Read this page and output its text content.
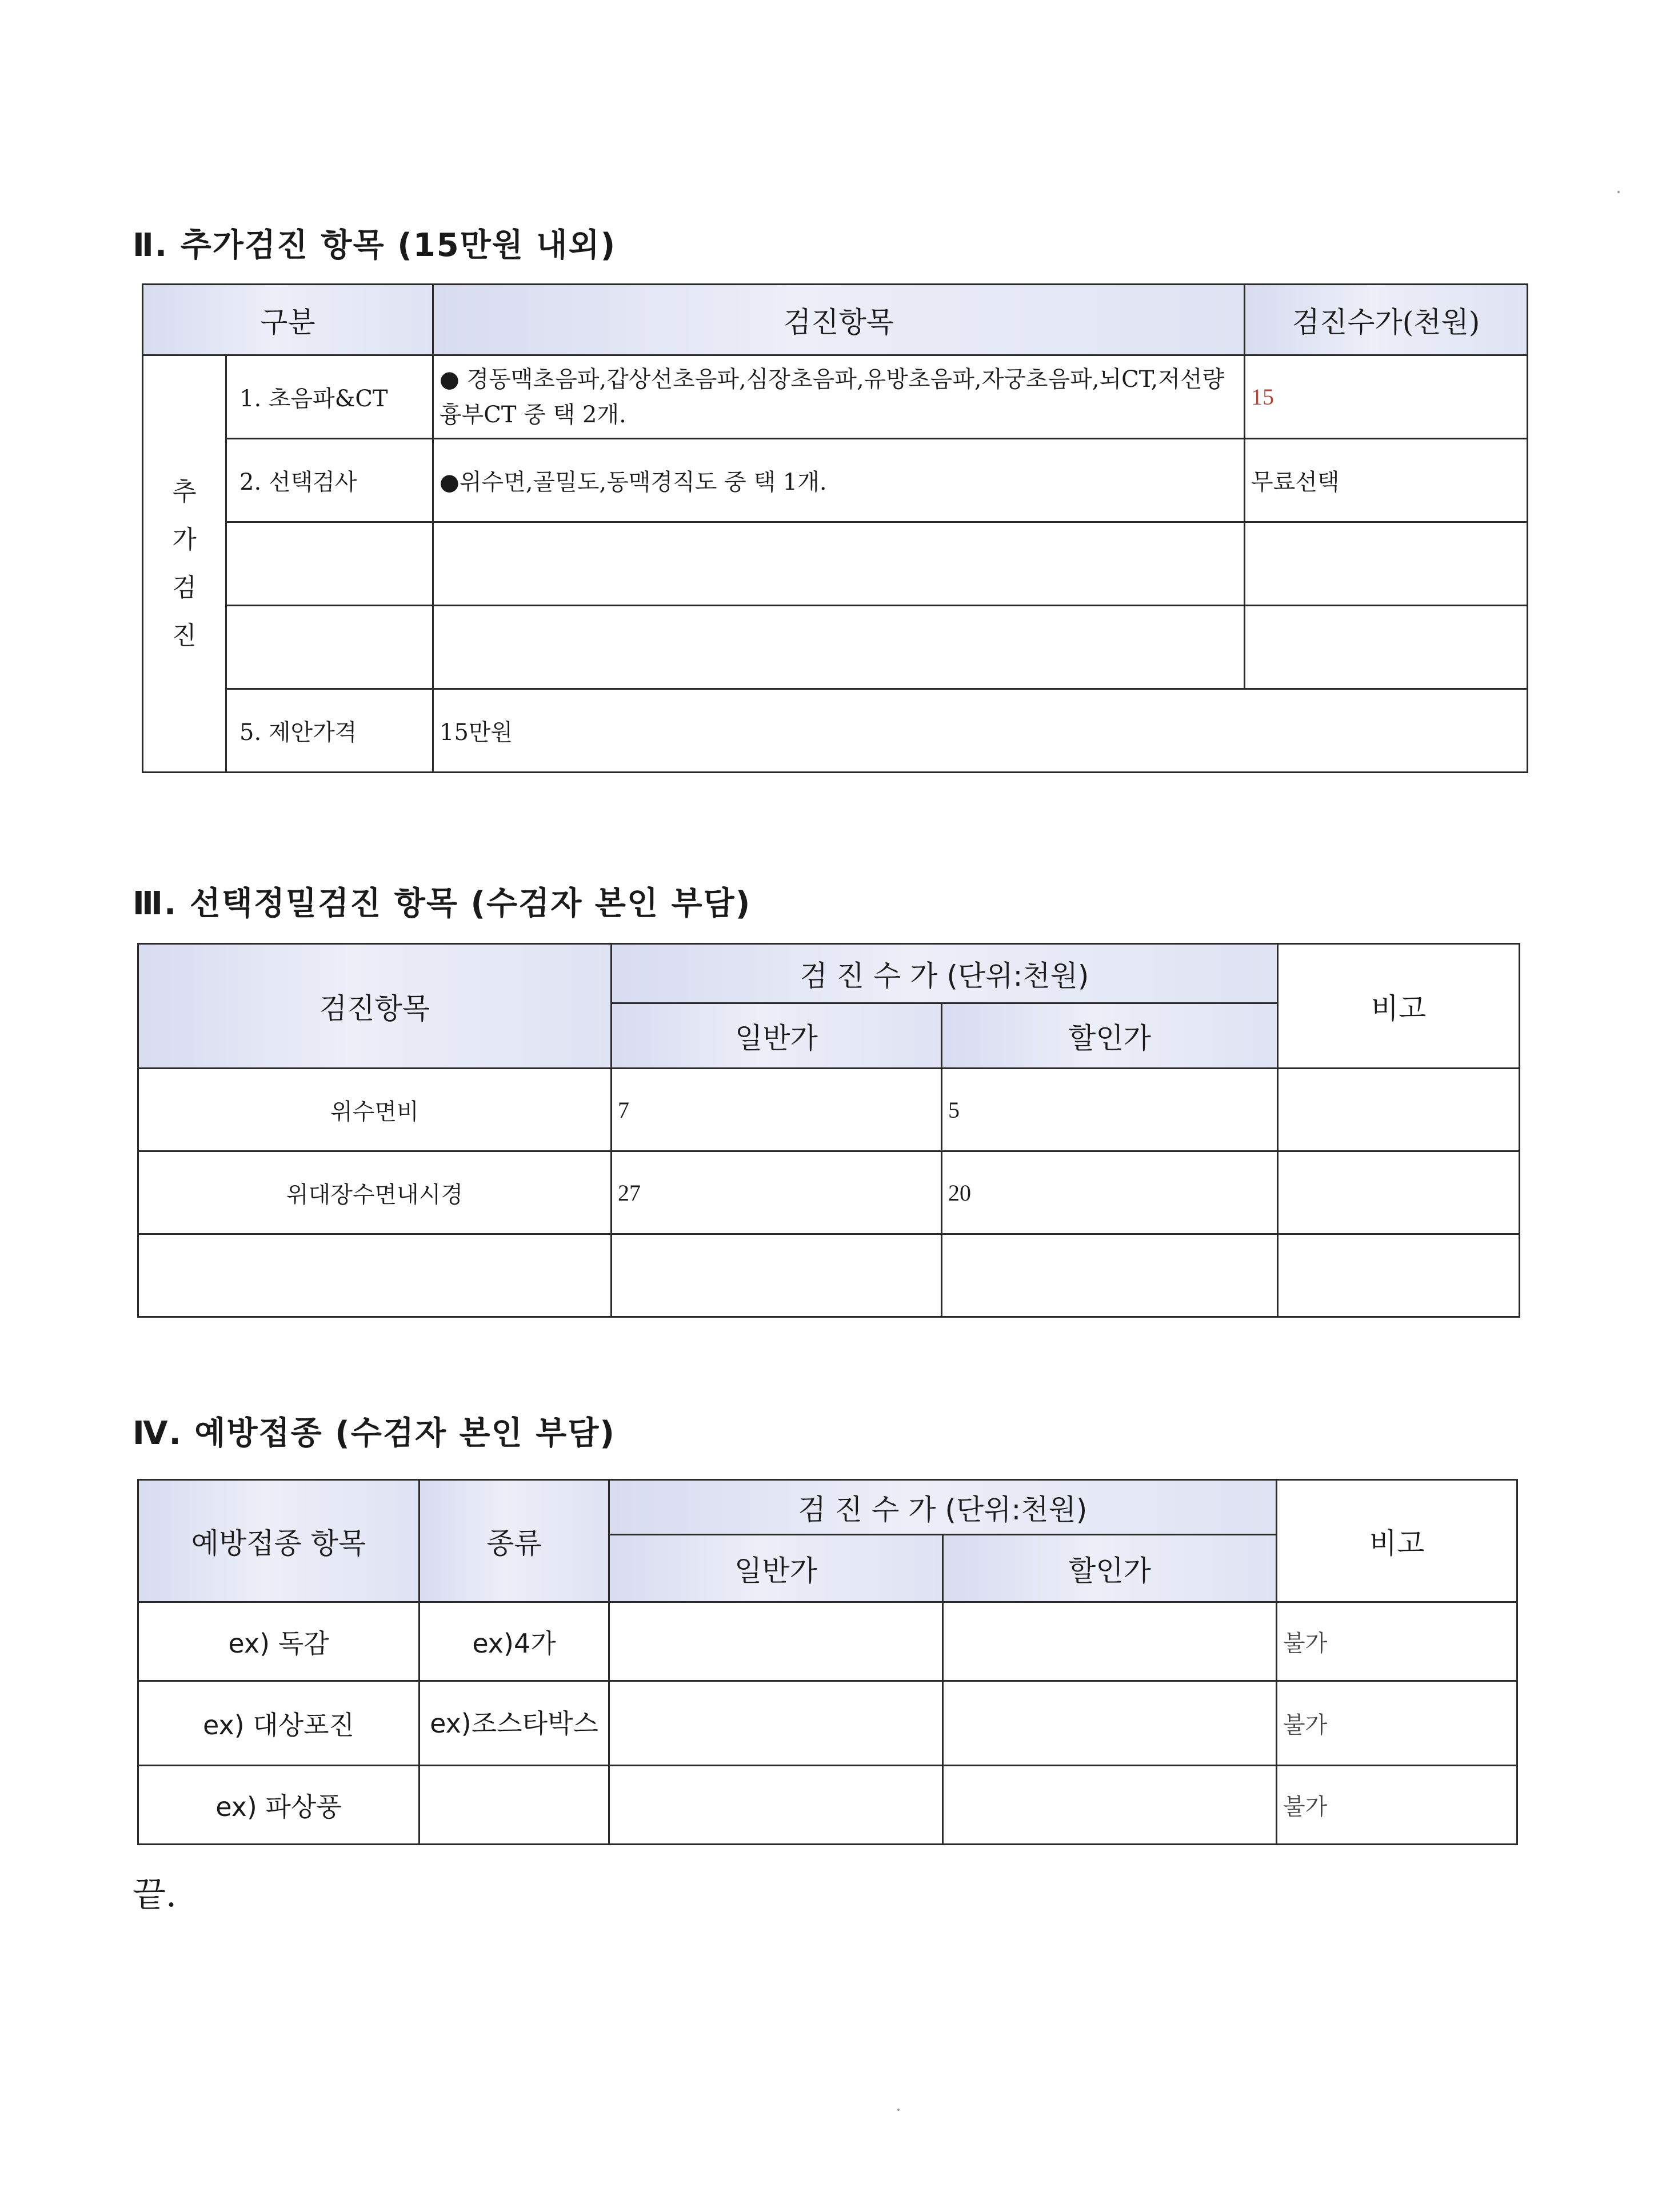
Ⅱ. 추가검진 항목 (15만원 내외)
구분		검진항목	검진수가(천원)

추가검진	1. 초음파&CT	● 경동맥초음파,갑상선초음파,심장초음파,유방초음파,자궁초음파,뇌CT,저선량흉부CT 중 택 2개.	15
	2. 선택검사	●위수면,골밀도,동맥경직도 중 택 1개.	무료선택

	5. 제안가격	15만원	
Ⅲ. 선택정밀검진 항목 (수검자 본인 부담)
검진항목	검 진 수 가 (단위:천원)		비고
	일반가	할인가	
위수면비	7	5	
위대장수면내시경	27	20	

Ⅳ. 예방접종 (수검자 본인 부담)
예방접종 항목	종류	검 진 수 가 (단위:천원)		비고
		일반가	할인가	
ex) 독감	ex)4가			불가
ex) 대상포진	ex)조스타박스			불가
ex) 파상풍				불가
끝.
